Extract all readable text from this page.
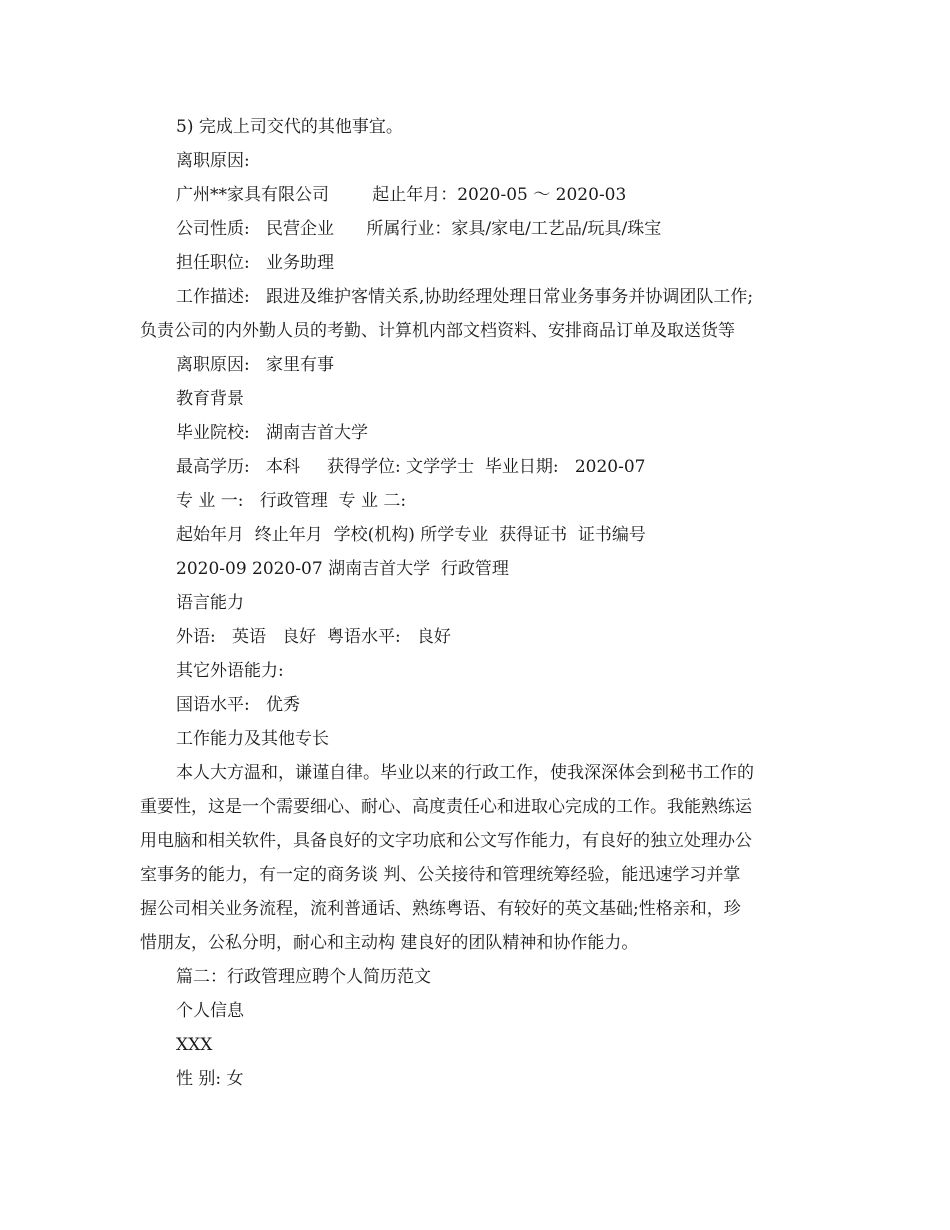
5) 完成上司交代的其他事宜。
离职原因:
广州**家具有限公司        起止年月：2020-05 ～ 2020-03
公司性质:   民营企业      所属行业：家具/家电/工艺品/玩具/珠宝
担任职位:   业务助理
工作描述:   跟进及维护客情关系,协助经理处理日常业务事务并协调团队工作;
负责公司的内外勤人员的考勤、计算机内部文档资料、安排商品订单及取送货等
离职原因:   家里有事
教育背景
毕业院校:   湖南吉首大学
最高学历:   本科     获得学位: 文学学士  毕业日期:   2020-07
专 业 一:   行政管理  专 业 二:
起始年月  终止年月  学校(机构) 所学专业  获得证书  证书编号
2020-09 2020-07 湖南吉首大学  行政管理
语言能力
外语:   英语   良好  粤语水平:   良好
其它外语能力:
国语水平:   优秀
工作能力及其他专长
本人大方温和，谦谨自律。毕业以来的行政工作，使我深深体会到秘书工作的
重要性，这是一个需要细心、耐心、高度责任心和进取心完成的工作。我能熟练运
用电脑和相关软件，具备良好的文字功底和公文写作能力，有良好的独立处理办公
室事务的能力，有一定的商务谈 判、公关接待和管理统筹经验，能迅速学习并掌
握公司相关业务流程，流利普通话、熟练粤语、有较好的英文基础;性格亲和，珍
惜朋友，公私分明，耐心和主动构 建良好的团队精神和协作能力。
篇二：行政管理应聘个人简历范文
个人信息
XXX
性 别: 女
